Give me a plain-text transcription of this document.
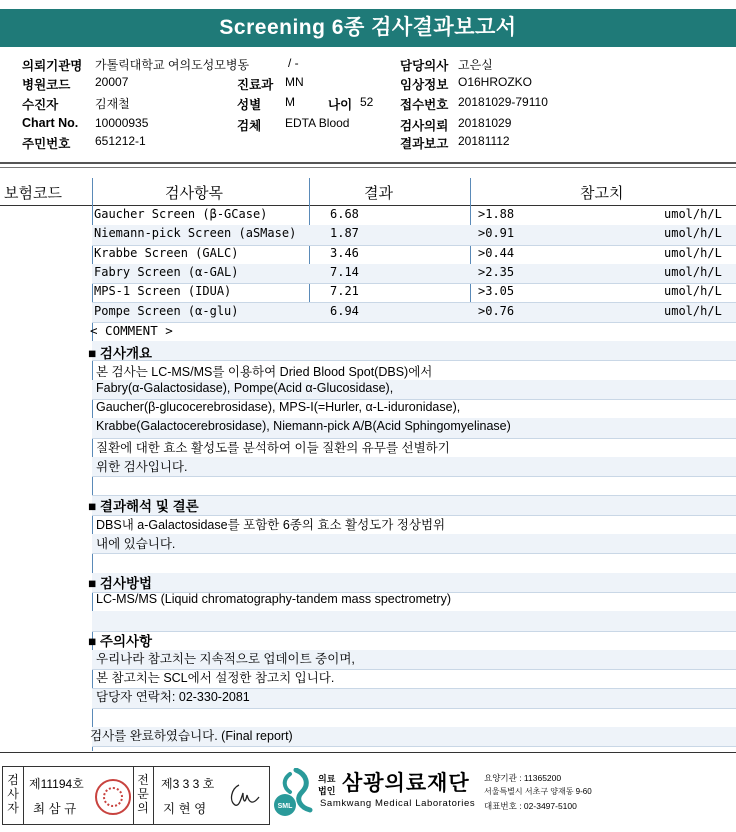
Screening 6종 검사결과보고서
의뢰기관명 가톨릭대학교 여의도성모병동	/ -	담당의사 고은실
병원코드 20007	진료과 MN	임상정보 O16HROZKO
수진자	김재철	성별 M	나이 52 접수번호 20181029-79110
Chart No. 10000935	검체 EDTA Blood	검사의뢰 20181029
주민번호 651212-1	결과보고 20181112
보험코드	검사항목	결과	참고치
Gaucher Screen (β-GCase)	6.68	>1.88	umol/h/L
Niemann-pick Screen (aSMase)	1.87	>0.91	umol/h/L
Krabbe Screen (GALC)	3.46	>0.44	umol/h/L
Fabry Screen (α-GAL)	7.14	>2.35	umol/h/L
MPS-1 Screen (IDUA)	7.21	>3.05	umol/h/L
Pompe Screen (α-glu)	6.94	>0.76	umol/h/L
< COMMENT >
■ 검사개요
본 검사는 LC-MS/MS를 이용하여 Dried Blood Spot(DBS)에서
Fabry(α-Galactosidase), Pompe(Acid α-Glucosidase),
Gaucher(β-glucocerebrosidase), MPS-I(=Hurler, α-L-iduronidase),
Krabbe(Galactocerebrosidase), Niemann-pick A/B(Acid Sphingomyelinase)
질환에 대한 효소 활성도를 분석하여 이들 질환의 유무를 선별하기
위한 검사입니다.
■ 결과해석 및 결론
DBS내 a-Galactosidase를 포함한 6종의 효소 활성도가 정상범위
내에 있습니다.
■ 검사방법
LC-MS/MS (Liquid chromatography-tandem mass spectrometry)
■ 주의사항
우리나라 참고치는 지속적으로 업데이트 중이며,
본 참고치는 SCL에서 설정한 참고치 입니다.
담당자 연락처: 02-330-2081
검사를 완료하였습니다. (Final report)
검
사
자
제11194호
최 삼 규
전
문
의
제3 3 3 호
지 현 영	SML
의료
법인 삼광의료재단
Samkwang Medical Laboratories
요양기관 : 11365200
서울특별시 서초구 양재동 9-60
대표번호 : 02-3497-5100
